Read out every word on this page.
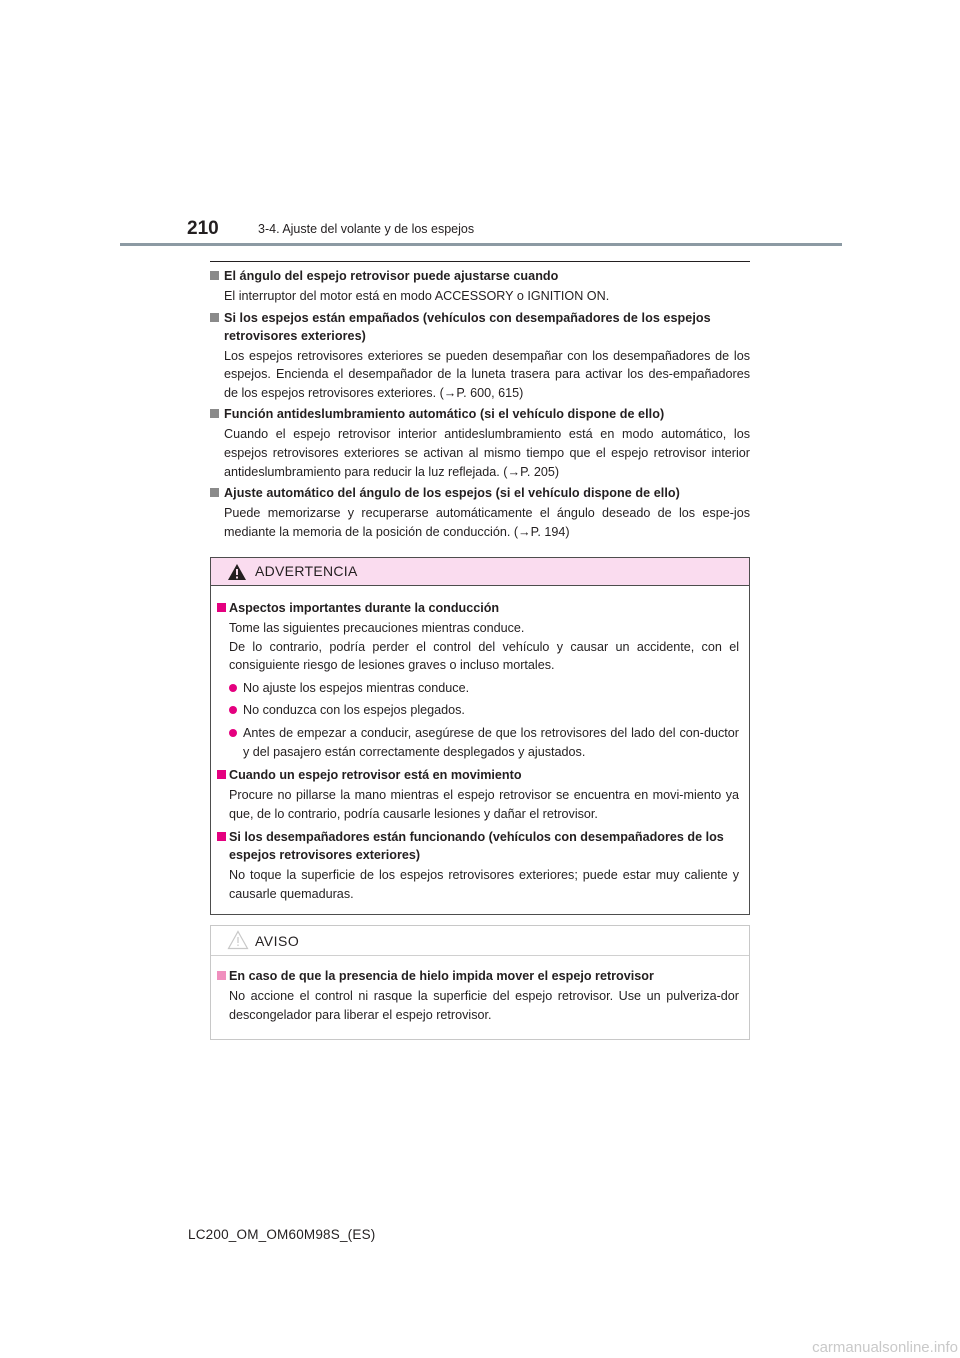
210	3-4. Ajuste del volante y de los espejos
El ángulo del espejo retrovisor puede ajustarse cuando
El interruptor del motor está en modo ACCESSORY o IGNITION ON.
Si los espejos están empañados (vehículos con desempañadores de los espejos retrovisores exteriores)
Los espejos retrovisores exteriores se pueden desempañar con los desempañadores de los espejos. Encienda el desempañador de la luneta trasera para activar los des-empañadores de los espejos retrovisores exteriores. (→P. 600, 615)
Función antideslumbramiento automático (si el vehículo dispone de ello)
Cuando el espejo retrovisor interior antideslumbramiento está en modo automático, los espejos retrovisores exteriores se activan al mismo tiempo que el espejo retrovisor interior antideslumbramiento para reducir la luz reflejada. (→P. 205)
Ajuste automático del ángulo de los espejos (si el vehículo dispone de ello)
Puede memorizarse y recuperarse automáticamente el ángulo deseado de los espe-jos mediante la memoria de la posición de conducción. (→P. 194)
ADVERTENCIA
Aspectos importantes durante la conducción
Tome las siguientes precauciones mientras conduce.
De lo contrario, podría perder el control del vehículo y causar un accidente, con el consiguiente riesgo de lesiones graves o incluso mortales.
No ajuste los espejos mientras conduce.
No conduzca con los espejos plegados.
Antes de empezar a conducir, asegúrese de que los retrovisores del lado del con-ductor y del pasajero están correctamente desplegados y ajustados.
Cuando un espejo retrovisor está en movimiento
Procure no pillarse la mano mientras el espejo retrovisor se encuentra en movi-miento ya que, de lo contrario, podría causarle lesiones y dañar el retrovisor.
Si los desempañadores están funcionando (vehículos con desempañadores de los espejos retrovisores exteriores)
No toque la superficie de los espejos retrovisores exteriores; puede estar muy caliente y causarle quemaduras.
AVISO
En caso de que la presencia de hielo impida mover el espejo retrovisor
No accione el control ni rasque la superficie del espejo retrovisor. Use un pulveriza-dor descongelador para liberar el espejo retrovisor.
LC200_OM_OM60M98S_(ES)
carmanualsonline.info
